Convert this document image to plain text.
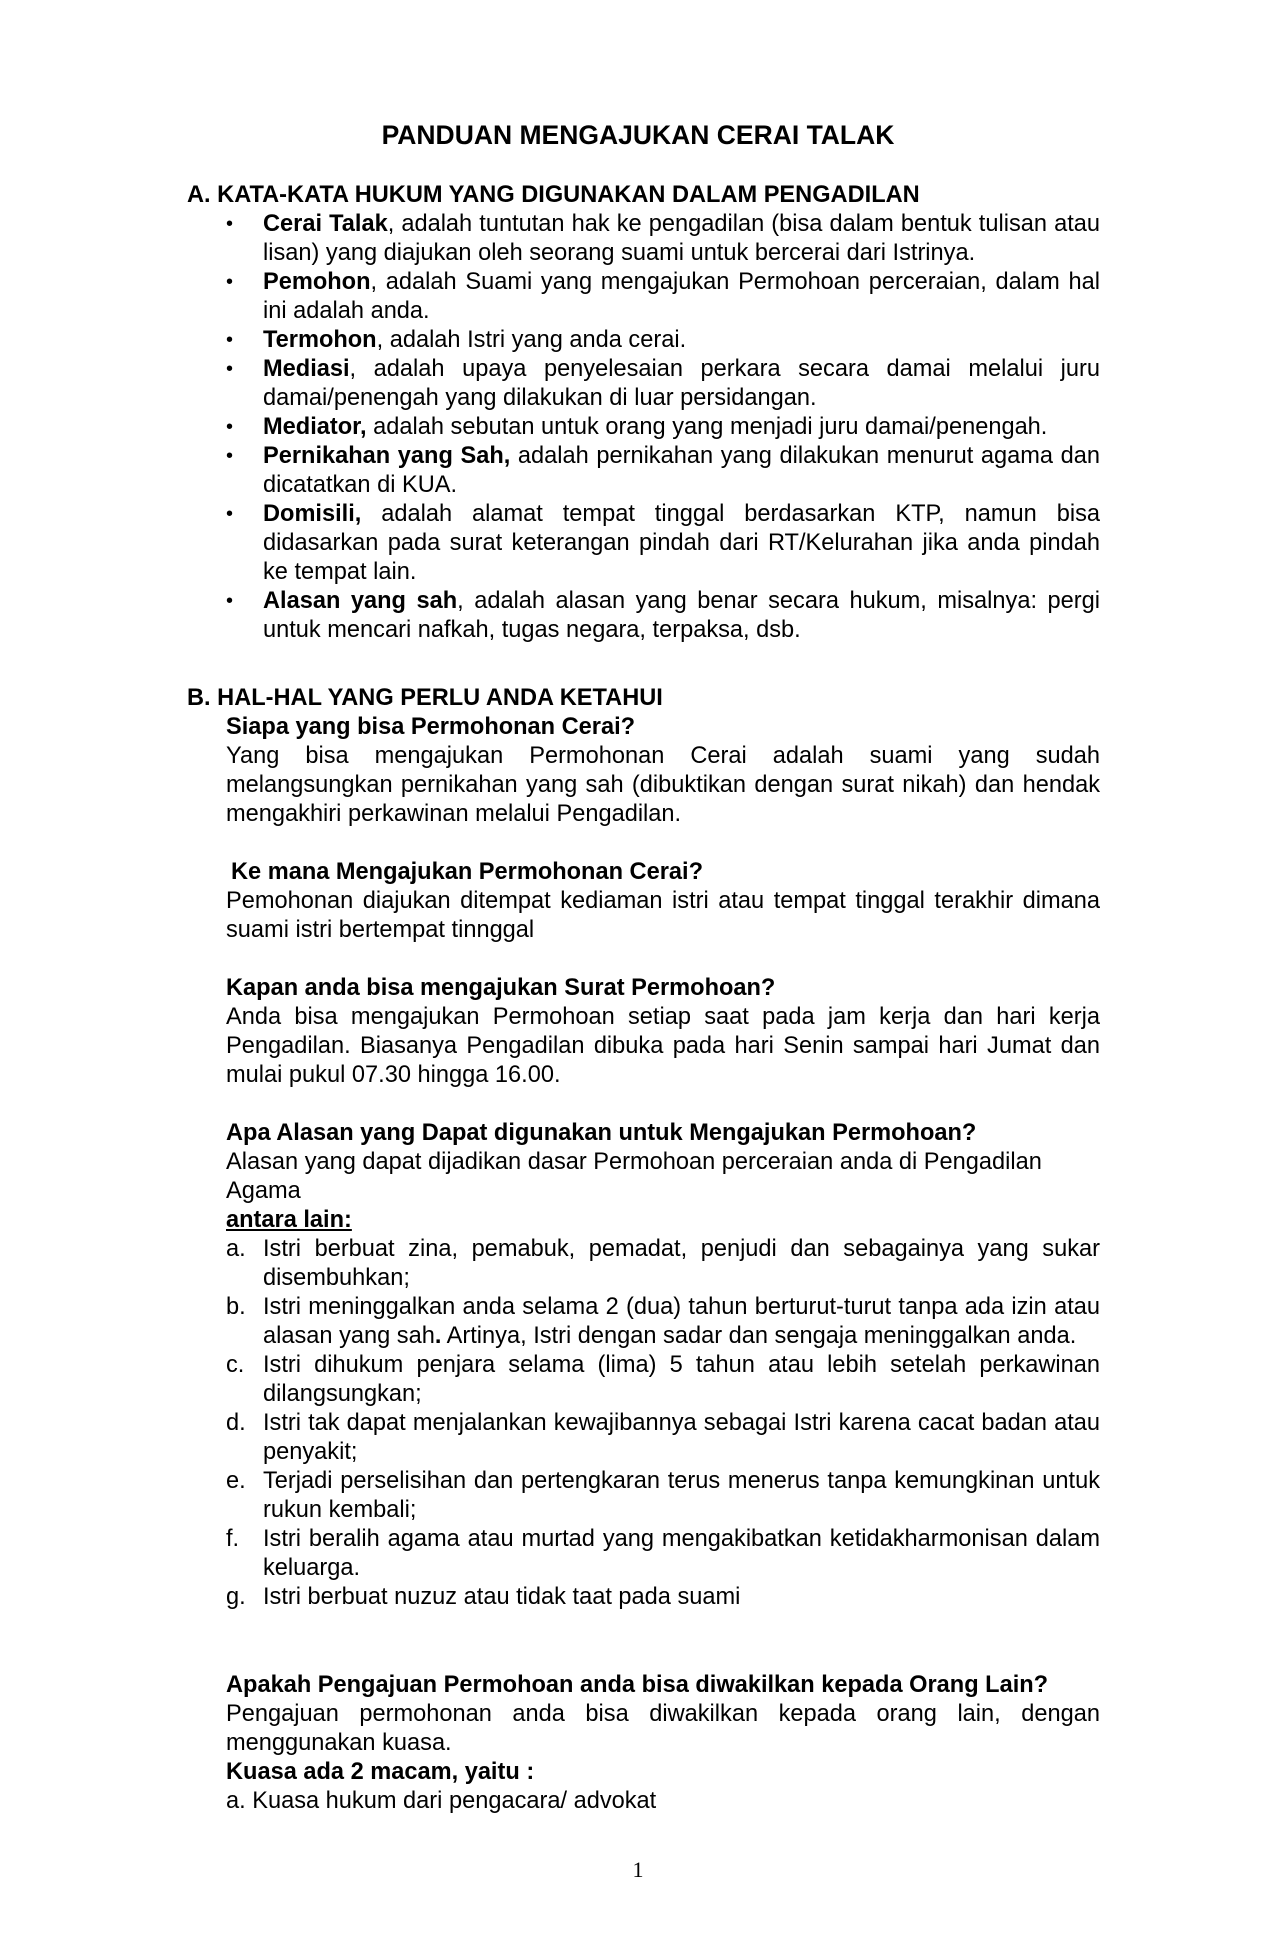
PANDUAN MENGAJUKAN CERAI TALAK
A. KATA-KATA HUKUM YANG DIGUNAKAN DALAM PENGADILAN
•	Cerai Talak, adalah tuntutan hak ke pengadilan (bisa dalam bentuk tulisan atau lisan) yang diajukan oleh seorang suami untuk bercerai dari Istrinya.
•	Pemohon, adalah Suami yang mengajukan Permohoan perceraian, dalam hal ini adalah anda.
•	Termohon, adalah Istri yang anda cerai.
•	Mediasi, adalah upaya penyelesaian perkara secara damai melalui juru damai/penengah yang dilakukan di luar persidangan.
•	Mediator, adalah sebutan untuk orang yang menjadi juru damai/penengah.
•	Pernikahan yang Sah, adalah pernikahan yang dilakukan menurut agama dan dicatatkan di KUA.
•	Domisili, adalah alamat tempat tinggal berdasarkan KTP, namun bisa didasarkan pada surat keterangan pindah dari RT/Kelurahan jika anda pindah ke tempat lain.
•	Alasan yang sah, adalah alasan yang benar secara hukum, misalnya: pergi untuk mencari nafkah, tugas negara, terpaksa, dsb.
B. HAL-HAL YANG PERLU ANDA KETAHUI
Siapa yang bisa Permohonan Cerai?
Yang bisa mengajukan Permohonan Cerai adalah suami yang sudah melangsungkan pernikahan yang sah (dibuktikan dengan surat nikah) dan hendak mengakhiri perkawinan melalui Pengadilan.
Ke mana Mengajukan Permohonan Cerai?
Pemohonan diajukan ditempat kediaman istri atau tempat tinggal terakhir dimana suami istri bertempat tinnggal
Kapan anda bisa mengajukan Surat Permohoan?
Anda bisa mengajukan Permohoan setiap saat pada jam kerja dan hari kerja Pengadilan. Biasanya Pengadilan dibuka pada hari Senin sampai hari Jumat dan mulai pukul 07.30 hingga 16.00.
Apa Alasan yang Dapat digunakan untuk Mengajukan Permohoan?
Alasan yang dapat dijadikan dasar Permohoan perceraian anda di Pengadilan Agama
antara lain:
a. Istri berbuat zina, pemabuk, pemadat, penjudi dan sebagainya yang sukar disembuhkan;
b. Istri meninggalkan anda selama 2 (dua) tahun berturut-turut tanpa ada izin atau alasan yang sah. Artinya, Istri dengan sadar dan sengaja meninggalkan anda.
c. Istri dihukum penjara selama (lima) 5 tahun atau lebih setelah perkawinan dilangsungkan;
d. Istri tak dapat menjalankan kewajibannya sebagai Istri karena cacat badan atau penyakit;
e. Terjadi perselisihan dan pertengkaran terus menerus tanpa kemungkinan untuk rukun kembali;
f. Istri beralih agama atau murtad yang mengakibatkan ketidakharmonisan dalam keluarga.
g. Istri berbuat nuzuz atau tidak taat pada suami
Apakah Pengajuan Permohoan anda bisa diwakilkan kepada Orang Lain?
Pengajuan permohonan anda bisa diwakilkan kepada orang lain, dengan menggunakan kuasa.
Kuasa ada 2 macam, yaitu :
a. Kuasa hukum dari pengacara/ advokat
1
